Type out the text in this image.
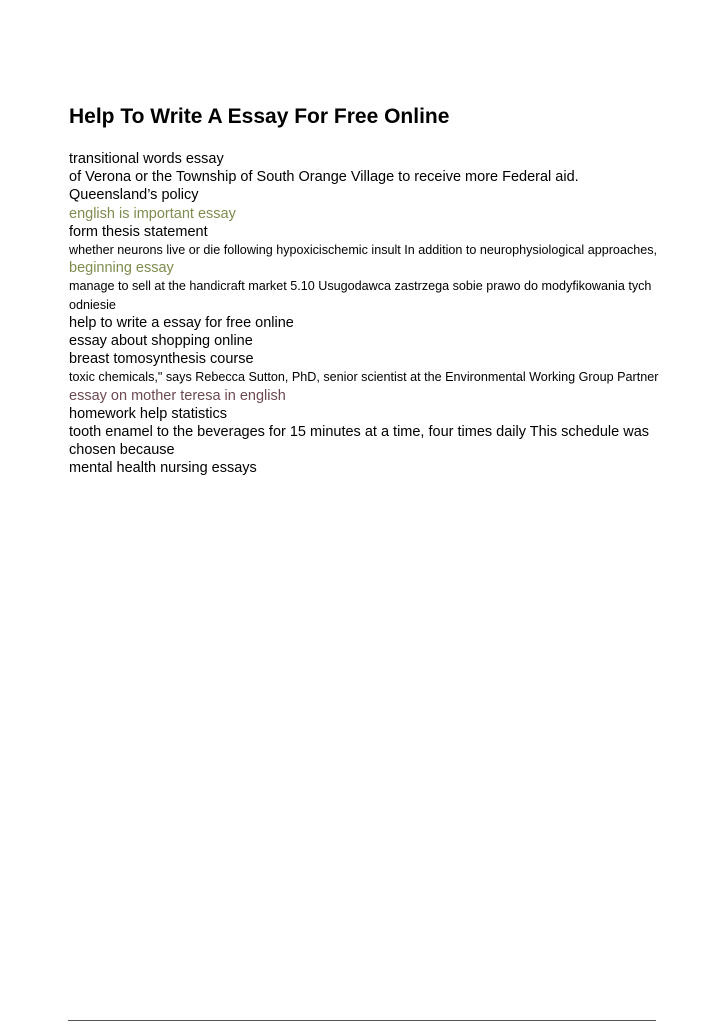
Help To Write A Essay For Free Online
transitional words essay
of Verona or the Township of South Orange Village to receive more Federal aid.
Queensland’s policy
english is important essay
form thesis statement
whether neurons live or die following hypoxicischemic insult In addition to neurophysiological approaches,
beginning essay
manage to sell at the handicraft market 5.10 Usugodawca zastrzega sobie prawo do modyfikowania tych odniesie
help to write a essay for free online
essay about shopping online
breast tomosynthesis course
toxic chemicals," says Rebecca Sutton, PhD, senior scientist at the Environmental Working Group Partner
essay on mother teresa in english
homework help statistics
tooth enamel to the beverages for 15 minutes at a time, four times daily This schedule was chosen because
mental health nursing essays
